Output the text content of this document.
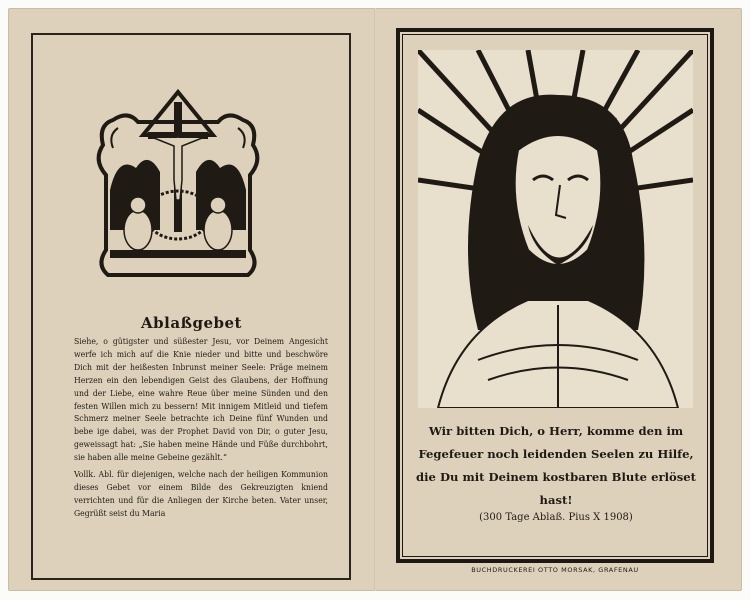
Ablaßgebet

Siehe, o gütigster und süßester Jesu, vor Deinem Angesicht werfe ich mich auf die Knie nieder und bitte und beschwöre Dich mit der heißesten Inbrunst meiner Seele: Präge meinem Herzen ein den lebendigen Geist des Glaubens, der Hoffnung und der Liebe, eine wahre Reue über meine Sünden und den festen Willen mich zu bessern! Mit innigem Mitleid und tiefem Schmerz meiner Seele betrachte ich Deine fünf Wunden und bebe ige dabei, was der Prophet David von Dir, o guter Jesu, geweissagt hat: „Sie haben meine Hände und Füße durchbohrt, sie haben alle meine Gebeine gezählt.“

Vollk. Abl. für diejenigen, welche nach der heiligen Kommunion dieses Gebet vor einem Bilde des Gekreuzigten kniend verrichten und für die Anliegen der Kirche beten. Vater unser, Gegrüßt seist du Maria

Wir bitten Dich, o Herr, komme den im Fegefeuer noch leidenden Seelen zu Hilfe, die Du mit Deinem kostbaren Blute erlöset hast!

(300 Tage Ablaß. Pius X 1908)

BUCHDRUCKEREI OTTO MORSAK, GRAFENAU
